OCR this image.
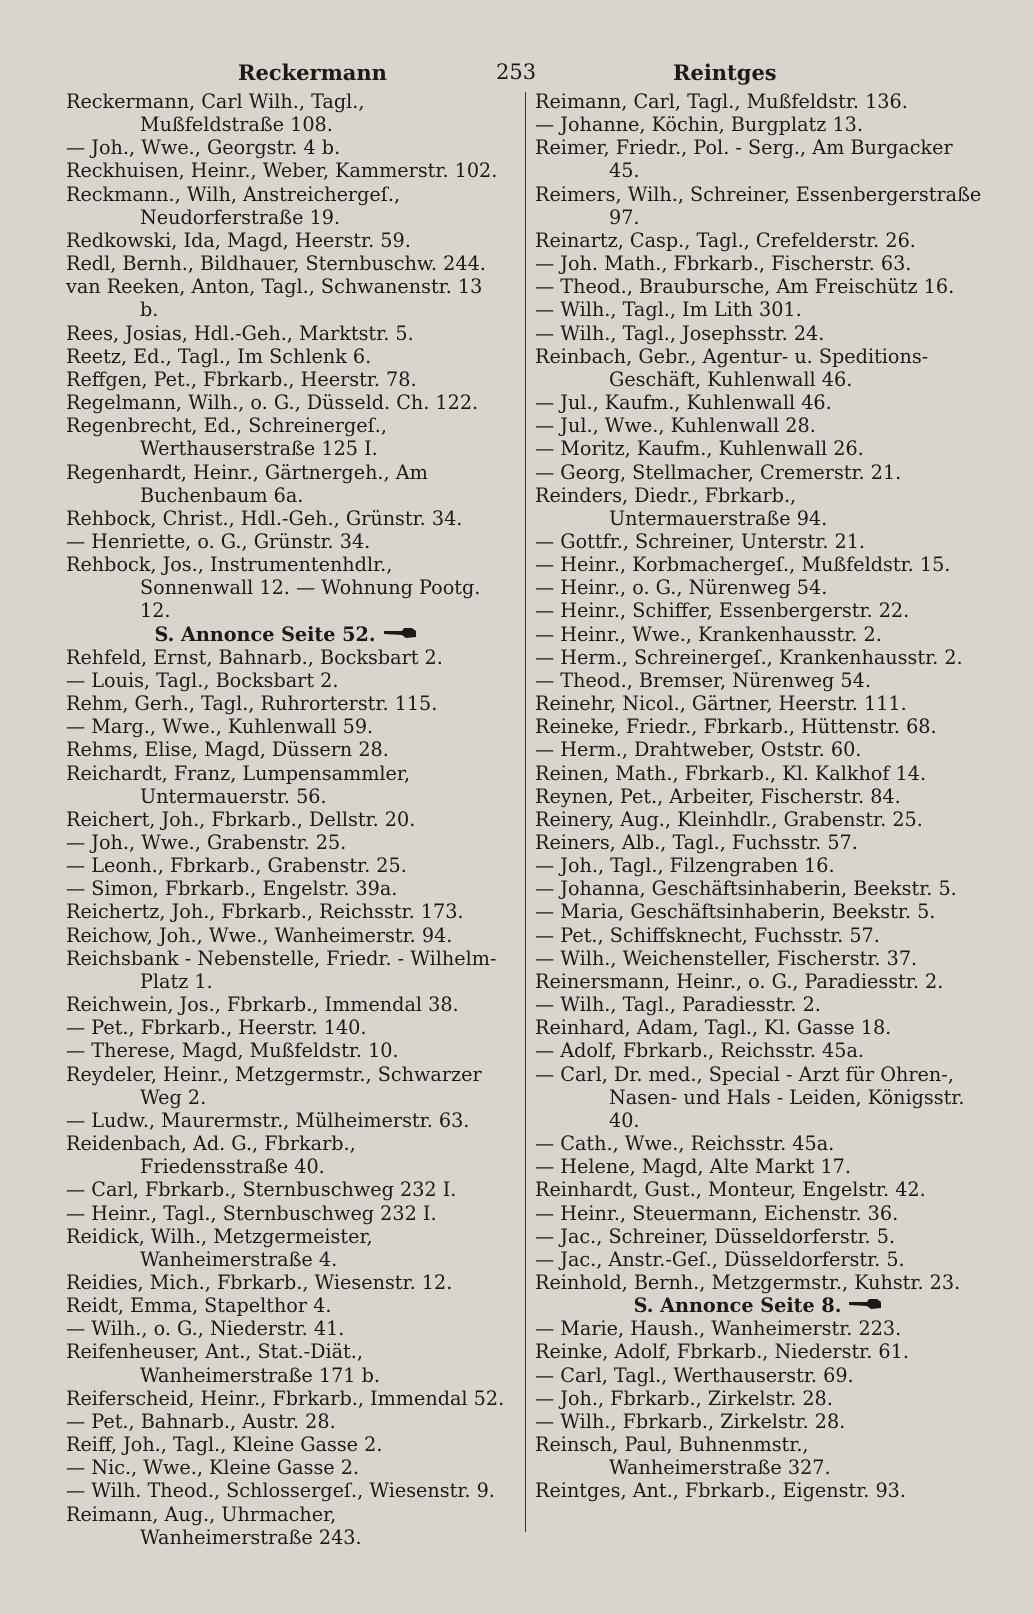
Reckermann	253	Reintges
Reckermann, Carl Wilh., Tagl., Mußfeldstraße 108.
— Joh., Wwe., Georgstr. 4 b.
Reckhuisen, Heinr., Weber, Kammerstr. 102.
Reckmann., Wilh, Anstreichergeſ., Neudorferstraße 19.
Redkowski, Ida, Magd, Heerstr. 59.
Redl, Bernh., Bildhauer, Sternbuschw. 244.
van Reeken, Anton, Tagl., Schwanenstr. 13 b.
Rees, Josias, Hdl.-Geh., Marktstr. 5.
Reetz, Ed., Tagl., Im Schlenk 6.
Reffgen, Pet., Fbrkarb., Heerstr. 78.
Regelmann, Wilh., o. G., Düsseld. Ch. 122.
Regenbrecht, Ed., Schreinergeſ., Werthauserstraße 125 I.
Regenhardt, Heinr., Gärtnergeh., Am Buchenbaum 6a.
Rehbock, Christ., Hdl.-Geh., Grünstr. 34.
— Henriette, o. G., Grünstr. 34.
Rehbock, Jos., Instrumentenhdlr., Sonnenwall 12. — Wohnung Pootg. 12.
S. Annonce Seite 52.
Rehfeld, Ernst, Bahnarb., Bocksbart 2.
— Louis, Tagl., Bocksbart 2.
Rehm, Gerh., Tagl., Ruhrorterstr. 115.
— Marg., Wwe., Kuhlenwall 59.
Rehms, Elise, Magd, Düssern 28.
Reichardt, Franz, Lumpensammler, Untermauerstr. 56.
Reichert, Joh., Fbrkarb., Dellstr. 20.
— Joh., Wwe., Grabenstr. 25.
— Leonh., Fbrkarb., Grabenstr. 25.
— Simon, Fbrkarb., Engelstr. 39a.
Reichertz, Joh., Fbrkarb., Reichsstr. 173.
Reichow, Joh., Wwe., Wanheimerstr. 94.
Reichsbank - Nebenstelle, Friedr. - Wilhelm-Platz 1.
Reichwein, Jos., Fbrkarb., Immendal 38.
— Pet., Fbrkarb., Heerstr. 140.
— Therese, Magd, Mußfeldstr. 10.
Reydeler, Heinr., Metzgermstr., Schwarzer Weg 2.
— Ludw., Maurermstr., Mülheimerstr. 63.
Reidenbach, Ad. G., Fbrkarb., Friedensstraße 40.
— Carl, Fbrkarb., Sternbuschweg 232 I.
— Heinr., Tagl., Sternbuschweg 232 I.
Reidick, Wilh., Metzgermeister, Wanheimerstraße 4.
Reidies, Mich., Fbrkarb., Wiesenstr. 12.
Reidt, Emma, Stapelthor 4.
— Wilh., o. G., Niederstr. 41.
Reifenheuser, Ant., Stat.-Diät., Wanheimerstraße 171 b.
Reiferscheid, Heinr., Fbrkarb., Immendal 52.
— Pet., Bahnarb., Austr. 28.
Reiff, Joh., Tagl., Kleine Gasse 2.
— Nic., Wwe., Kleine Gasse 2.
— Wilh. Theod., Schlossergeſ., Wiesenstr. 9.
Reimann, Aug., Uhrmacher, Wanheimerstraße 243.
Reimann, Carl, Tagl., Mußfeldstr. 136.
— Johanne, Köchin, Burgplatz 13.
Reimer, Friedr., Pol. - Serg., Am Burgacker 45.
Reimers, Wilh., Schreiner, Essenbergerstraße 97.
Reinartz, Casp., Tagl., Crefelderstr. 26.
— Joh. Math., Fbrkarb., Fischerstr. 63.
— Theod., Braubursche, Am Freischütz 16.
— Wilh., Tagl., Im Lith 301.
— Wilh., Tagl., Josephsstr. 24.
Reinbach, Gebr., Agentur- u. Speditions-Geschäft, Kuhlenwall 46.
— Jul., Kaufm., Kuhlenwall 46.
— Jul., Wwe., Kuhlenwall 28.
— Moritz, Kaufm., Kuhlenwall 26.
— Georg, Stellmacher, Cremerstr. 21.
Reinders, Diedr., Fbrkarb., Untermauerstraße 94.
— Gottfr., Schreiner, Unterstr. 21.
— Heinr., Korbmachergeſ., Mußfeldstr. 15.
— Heinr., o. G., Nürenweg 54.
— Heinr., Schiffer, Essenbergerstr. 22.
— Heinr., Wwe., Krankenhausstr. 2.
— Herm., Schreinergeſ., Krankenhausstr. 2.
— Theod., Bremser, Nürenweg 54.
Reinehr, Nicol., Gärtner, Heerstr. 111.
Reineke, Friedr., Fbrkarb., Hüttenstr. 68.
— Herm., Drahtweber, Oststr. 60.
Reinen, Math., Fbrkarb., Kl. Kalkhof 14.
Reynen, Pet., Arbeiter, Fischerstr. 84.
Reinery, Aug., Kleinhdlr., Grabenstr. 25.
Reiners, Alb., Tagl., Fuchsstr. 57.
— Joh., Tagl., Filzengraben 16.
— Johanna, Geschäftsinhaberin, Beekstr. 5.
— Maria, Geschäftsinhaberin, Beekstr. 5.
— Pet., Schiffsknecht, Fuchsstr. 57.
— Wilh., Weichensteller, Fischerstr. 37.
Reinersmann, Heinr., o. G., Paradiesstr. 2.
— Wilh., Tagl., Paradiesstr. 2.
Reinhard, Adam, Tagl., Kl. Gasse 18.
— Adolf, Fbrkarb., Reichsstr. 45a.
— Carl, Dr. med., Special - Arzt für Ohren-, Nasen- und Hals - Leiden, Königsstr. 40.
— Cath., Wwe., Reichsstr. 45a.
— Helene, Magd, Alte Markt 17.
Reinhardt, Gust., Monteur, Engelstr. 42.
— Heinr., Steuermann, Eichenstr. 36.
— Jac., Schreiner, Düsseldorferstr. 5.
— Jac., Anstr.-Geſ., Düsseldorferstr. 5.
Reinhold, Bernh., Metzgermstr., Kuhstr. 23.
S. Annonce Seite 8.
— Marie, Haush., Wanheimerstr. 223.
Reinke, Adolf, Fbrkarb., Niederstr. 61.
— Carl, Tagl., Werthauserstr. 69.
— Joh., Fbrkarb., Zirkelstr. 28.
— Wilh., Fbrkarb., Zirkelstr. 28.
Reinsch, Paul, Buhnenmstr., Wanheimerstraße 327.
Reintges, Ant., Fbrkarb., Eigenstr. 93.
